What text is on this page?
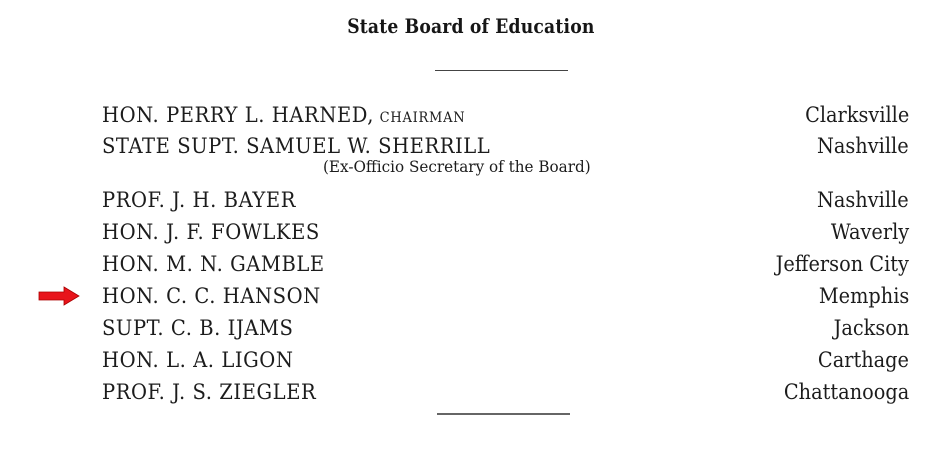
State Board of Education
HON. PERRY L. HARNED, CHAIRMAN	Clarksville
STATE SUPT. SAMUEL W. SHERRILL	Nashville
(Ex-Officio Secretary of the Board)
PROF. J. H. BAYER	Nashville
HON. J. F. FOWLKES	Waverly
HON. M. N. GAMBLE	Jefferson City
HON. C. C. HANSON	Memphis
SUPT. C. B. IJAMS	Jackson
HON. L. A. LIGON	Carthage
PROF. J. S. ZIEGLER	Chattanooga
